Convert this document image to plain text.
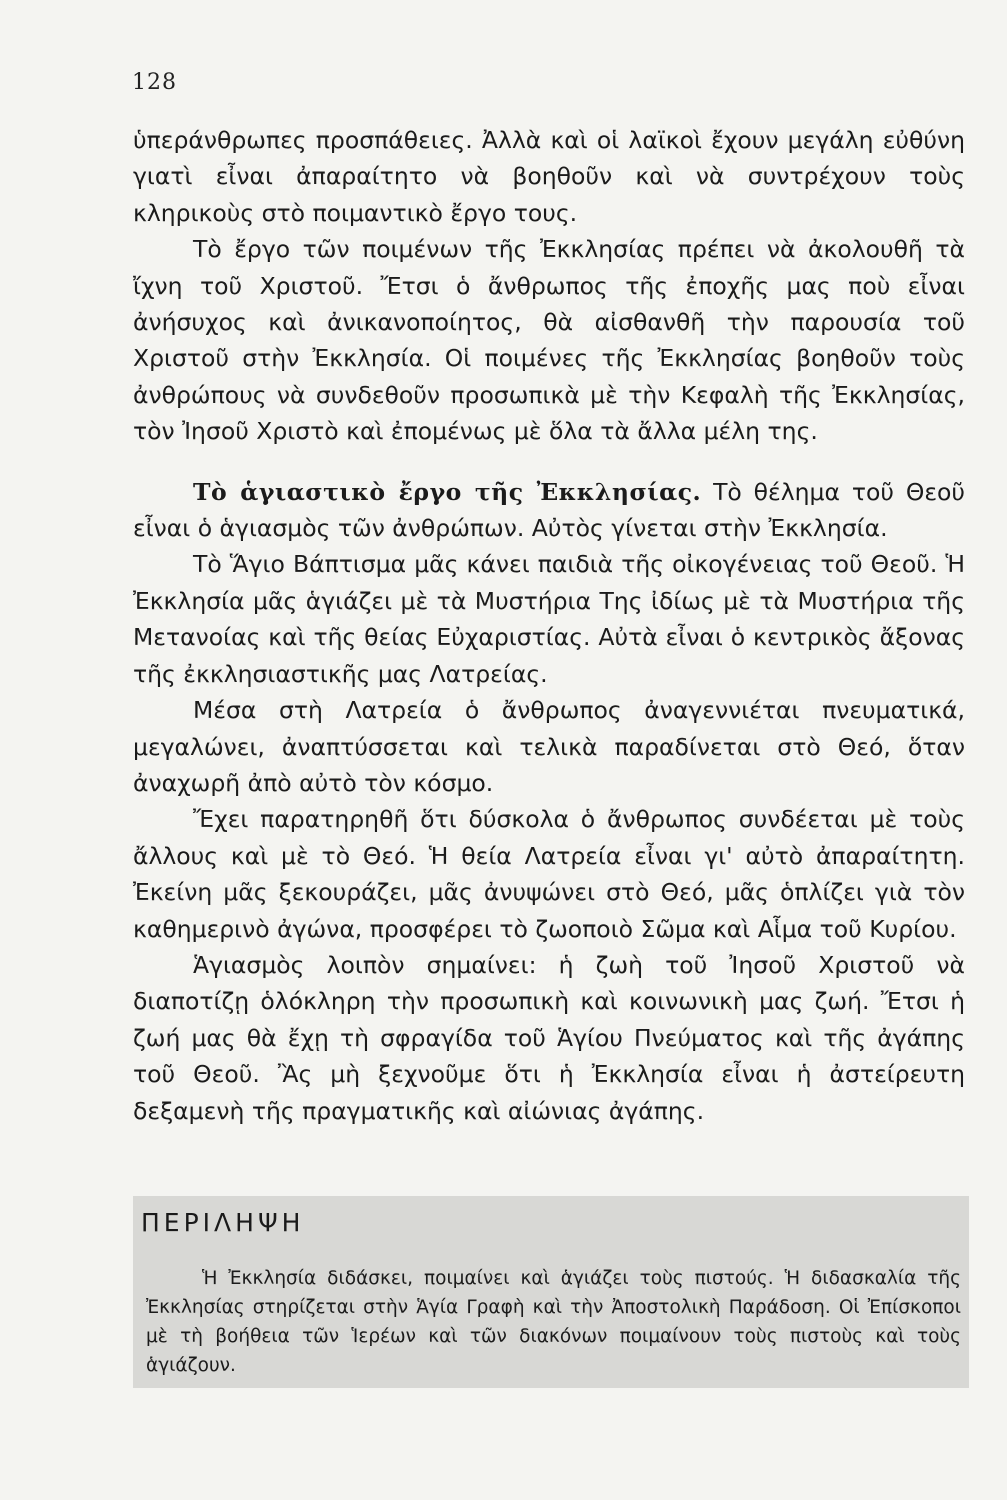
128

ὑπεράνθρωπες προσπάθειες. Ἀλλὰ καὶ οἱ λαϊκοὶ ἔχουν μεγάλη εὐθύνη γιατὶ εἶναι ἀπαραίτητο νὰ βοηθοῦν καὶ νὰ συντρέχουν τοὺς κληρικοὺς στὸ ποιμαντικὸ ἔργο τους.

Τὸ ἔργο τῶν ποιμένων τῆς Ἐκκλησίας πρέπει νὰ ἀκολουθῆ τὰ ἴχνη τοῦ Χριστοῦ. Ἔτσι ὁ ἄνθρωπος τῆς ἐποχῆς μας ποὺ εἶναι ἀνήσυχος καὶ ἀνικανοποίητος, θὰ αἰσθανθῆ τὴν παρουσία τοῦ Χριστοῦ στὴν Ἐκκλησία. Οἱ ποιμένες τῆς Ἐκκλησίας βοηθοῦν τοὺς ἀνθρώπους νὰ συνδεθοῦν προσωπικὰ μὲ τὴν Κεφαλὴ τῆς Ἐκκλησίας, τὸν Ἰησοῦ Χριστὸ καὶ ἐπομένως μὲ ὅλα τὰ ἄλλα μέλη της.

Τὸ ἁγιαστικὸ ἔργο τῆς Ἐκκλησίας. Τὸ θέλημα τοῦ Θεοῦ εἶναι ὁ ἁγιασμὸς τῶν ἀνθρώπων. Αὐτὸς γίνεται στὴν Ἐκκλησία.

Τὸ Ἅγιο Βάπτισμα μᾶς κάνει παιδιὰ τῆς οἰκογένειας τοῦ Θεοῦ. Ἡ Ἐκκλησία μᾶς ἁγιάζει μὲ τὰ Μυστήρια Της ἰδίως μὲ τὰ Μυστήρια τῆς Μετανοίας καὶ τῆς θείας Εὐχαριστίας. Αὐτὰ εἶναι ὁ κεντρικὸς ἄξονας τῆς ἐκκλησιαστικῆς μας Λατρείας.

Μέσα στὴ Λατρεία ὁ ἄνθρωπος ἀναγεννιέται πνευματικά, μεγαλώνει, ἀναπτύσσεται καὶ τελικὰ παραδίνεται στὸ Θεό, ὅταν ἀναχωρῆ ἀπὸ αὐτὸ τὸν κόσμο.

Ἔχει παρατηρηθῆ ὅτι δύσκολα ὁ ἄνθρωπος συνδέεται μὲ τοὺς ἄλλους καὶ μὲ τὸ Θεό. Ἡ θεία Λατρεία εἶναι γι' αὐτὸ ἀπαραίτητη. Ἐκείνη μᾶς ξεκουράζει, μᾶς ἀνυψώνει στὸ Θεό, μᾶς ὁπλίζει γιὰ τὸν καθημερινὸ ἀγώνα, προσφέρει τὸ ζωοποιὸ Σῶμα καὶ Αἷμα τοῦ Κυρίου.

Ἁγιασμὸς λοιπὸν σημαίνει: ἡ ζωὴ τοῦ Ἰησοῦ Χριστοῦ νὰ διαποτίζῃ ὁλόκληρη τὴν προσωπικὴ καὶ κοινωνικὴ μας ζωή. Ἔτσι ἡ ζωή μας θὰ ἔχῃ τὴ σφραγίδα τοῦ Ἁγίου Πνεύματος καὶ τῆς ἀγάπης τοῦ Θεοῦ. Ἂς μὴ ξεχνοῦμε ὅτι ἡ Ἐκκλησία εἶναι ἡ ἀστείρευτη δεξαμενὴ τῆς πραγματικῆς καὶ αἰώνιας ἀγάπης.

ΠΕΡΙΛΗΨΗ

Ἡ Ἐκκλησία διδάσκει, ποιμαίνει καὶ ἁγιάζει τοὺς πιστούς. Ἡ διδασκαλία τῆς Ἐκκλησίας στηρίζεται στὴν Ἁγία Γραφὴ καὶ τὴν Ἀποστολικὴ Παράδοση. Οἱ Ἐπίσκοποι μὲ τὴ βοήθεια τῶν Ἱερέων καὶ τῶν διακόνων ποιμαίνουν τοὺς πιστοὺς καὶ τοὺς ἁγιάζουν.
